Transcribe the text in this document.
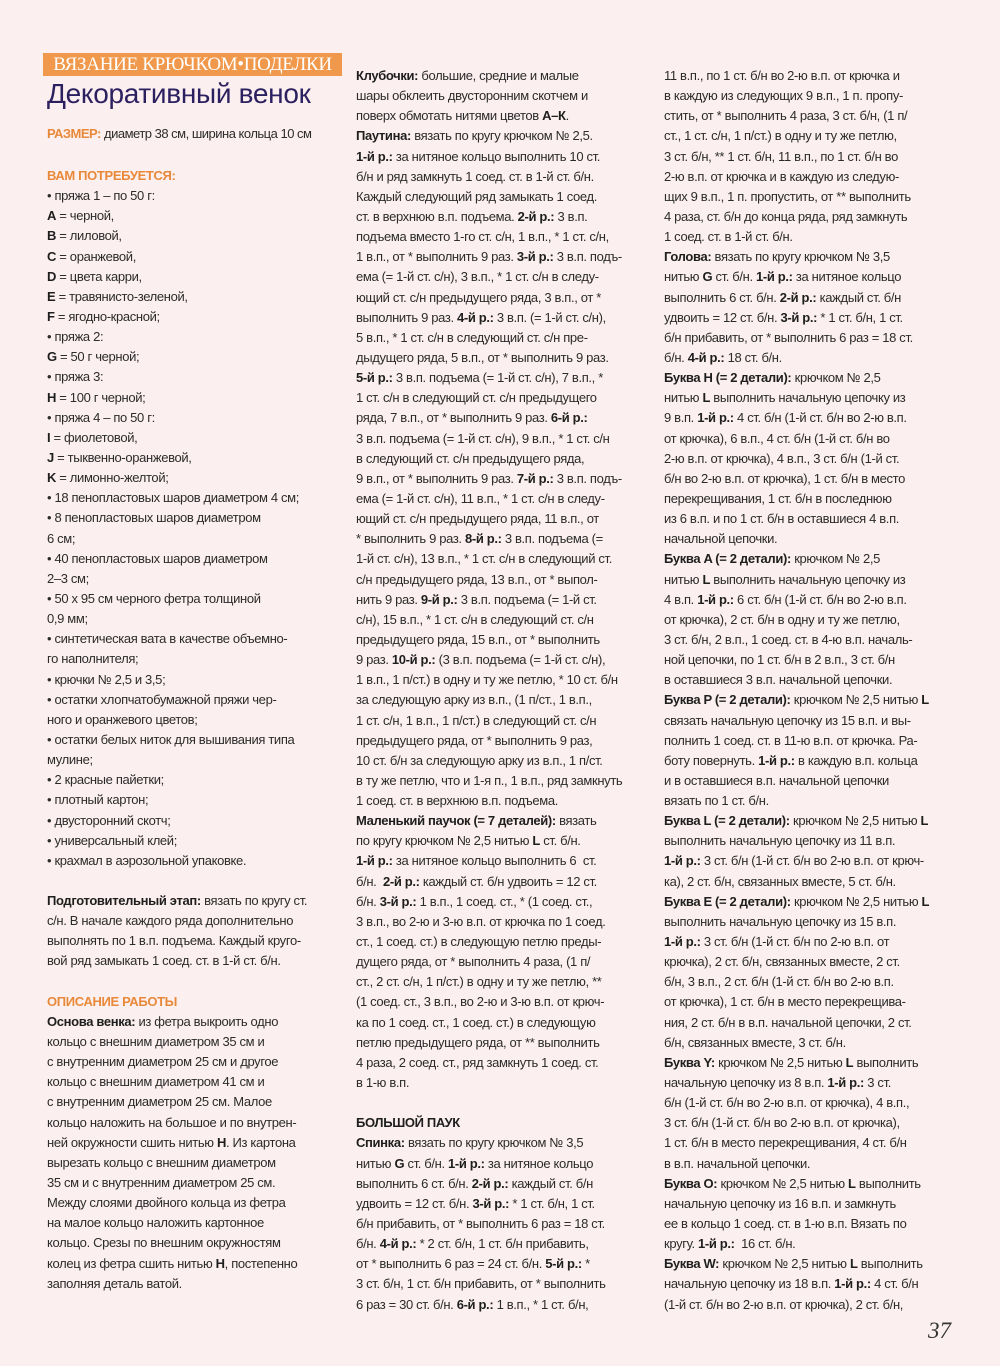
ВЯЗАНИЕ КРЮЧКОМ•ПОДЕЛКИ
Декоративный венок
РАЗМЕР: диаметр 38 см, ширина кольца 10 см
ВАМ ПОТРЕБУЕТСЯ:
• пряжа 1 – по 50 г:
A = черной,
B = лиловой,
C = оранжевой,
D = цвета карри,
E = травянисто-зеленой,
F = ягодно-красной;
• пряжа 2:
G = 50 г черной;
• пряжа 3:
H = 100 г черной;
• пряжа 4 – по 50 г:
I = фиолетовой,
J = тыквенно-оранжевой,
K = лимонно-желтой;
• 18 пенопластовых шаров диаметром 4 см;
• 8 пенопластовых шаров диаметром
6 см;
• 40 пенопластовых шаров диаметром
2–3 см;
• 50 х 95 см черного фетра толщиной
0,9 мм;
• синтетическая вата в качестве объемно-
го наполнителя;
• крючки № 2,5 и 3,5;
• остатки хлопчатобумажной пряжи чер-
ного и оранжевого цветов;
• остатки белых ниток для вышивания типа
мулине;
• 2 красные пайетки;
• плотный картон;
• двусторонний скотч;
• универсальный клей;
• крахмал в аэрозольной упаковке.
Подготовительный этап: вязать по кругу ст.
с/н. В начале каждого ряда дополнительно
выполнять по 1 в.п. подъема. Каждый круго-
вой ряд замыкать 1 соед. ст. в 1-й ст. б/н.
ОПИСАНИЕ РАБОТЫ
Основа венка: из фетра выкроить одно
кольцо с внешним диаметром 35 см и
с внутренним диаметром 25 см и другое
кольцо с внешним диаметром 41 см и
с внутренним диаметром 25 см. Малое
кольцо наложить на большое и по внутрен-
ней окружности сшить нитью H. Из картона
вырезать кольцо с внешним диаметром
35 см и с внутренним диаметром 25 см.
Между слоями двойного кольца из фетра
на малое кольцо наложить картонное
кольцо. Срезы по внешним окружностям
колец из фетра сшить нитью H, постепенно
заполняя деталь ватой.
Клубочки: большие, средние и малые
шары обклеить двусторонним скотчем и
поверх обмотать нитями цветов А–К.
Паутина: вязать по кругу крючком № 2,5.
1-й р.: за нитяное кольцо выполнить 10 ст.
б/н и ряд замкнуть 1 соед. ст. в 1-й ст. б/н.
Каждый следующий ряд замыкать 1 соед.
ст. в верхнюю в.п. подъема. 2-й р.: 3 в.п.
подъема вместо 1-го ст. с/н, 1 в.п., * 1 ст. с/н,
1 в.п., от * выполнить 9 раз. 3-й р.: 3 в.п. подъ-
ема (= 1-й ст. с/н), 3 в.п., * 1 ст. с/н в следу-
ющий ст. с/н предыдущего ряда, 3 в.п., от *
выполнить 9 раз. 4-й р.: 3 в.п. (= 1-й ст. с/н),
5 в.п., * 1 ст. с/н в следующий ст. с/н пре-
дыдущего ряда, 5 в.п., от * выполнить 9 раз.
5-й р.: 3 в.п. подъема (= 1-й ст. с/н), 7 в.п., *
1 ст. с/н в следующий ст. с/н предыдущего
ряда, 7 в.п., от * выполнить 9 раз. 6-й р.:
3 в.п. подъема (= 1-й ст. с/н), 9 в.п., * 1 ст. с/н
в следующий ст. с/н предыдущего ряда,
9 в.п., от * выполнить 9 раз. 7-й р.: 3 в.п. подъ-
ема (= 1-й ст. с/н), 11 в.п., * 1 ст. с/н в следу-
ющий ст. с/н предыдущего ряда, 11 в.п., от
* выполнить 9 раз. 8-й р.: 3 в.п. подъема (=
1-й ст. с/н), 13 в.п., * 1 ст. с/н в следующий ст.
с/н предыдущего ряда, 13 в.п., от * выпол-
нить 9 раз. 9-й р.: 3 в.п. подъема (= 1-й ст.
с/н), 15 в.п., * 1 ст. с/н в следующий ст. с/н
предыдущего ряда, 15 в.п., от * выполнить
9 раз. 10-й р.: (3 в.п. подъема (= 1-й ст. с/н),
1 в.п., 1 п/ст.) в одну и ту же петлю, * 10 ст. б/н
за следующую арку из в.п., (1 п/ст., 1 в.п.,
1 ст. с/н, 1 в.п., 1 п/ст.) в следующий ст. с/н
предыдущего ряда, от * выполнить 9 раз,
10 ст. б/н за следующую арку из в.п., 1 п/ст.
в ту же петлю, что и 1-я п., 1 в.п., ряд замкнуть
1 соед. ст. в верхнюю в.п. подъема.
Маленький паучок (= 7 деталей): вязать
по кругу крючком № 2,5 нитью L ст. б/н.
1-й р.: за нитяное кольцо выполнить 6  ст.
б/н.  2-й р.: каждый ст. б/н удвоить = 12 ст.
б/н. 3-й р.: 1 в.п., 1 соед. ст., * (1 соед. ст.,
3 в.п., во 2-ю и 3-ю в.п. от крючка по 1 соед.
ст., 1 соед. ст.) в следующую петлю преды-
дущего ряда, от * выполнить 4 раза, (1 п/
ст., 2 ст. с/н, 1 п/ст.) в одну и ту же петлю, **
(1 соед. ст., 3 в.п., во 2-ю и 3-ю в.п. от крюч-
ка по 1 соед. ст., 1 соед. ст.) в следующую
петлю предыдущего ряда, от ** выполнить
4 раза, 2 соед. ст., ряд замкнуть 1 соед. ст.
в 1-ю в.п.
БОЛЬШОЙ ПАУК
Спинка: вязать по кругу крючком № 3,5
нитью G ст. б/н. 1-й р.: за нитяное кольцо
выполнить 6 ст. б/н. 2-й р.: каждый ст. б/н
удвоить = 12 ст. б/н. 3-й р.: * 1 ст. б/н, 1 ст.
б/н прибавить, от * выполнить 6 раз = 18 ст.
б/н. 4-й р.: * 2 ст. б/н, 1 ст. б/н прибавить,
от * выполнить 6 раз = 24 ст. б/н. 5-й р.: *
3 ст. б/н, 1 ст. б/н прибавить, от * выполнить
6 раз = 30 ст. б/н. 6-й р.: 1 в.п., * 1 ст. б/н,
11 в.п., по 1 ст. б/н во 2-ю в.п. от крючка и
в каждую из следующих 9 в.п., 1 п. пропу-
стить, от * выполнить 4 раза, 3 ст. б/н, (1 п/
ст., 1 ст. с/н, 1 п/ст.) в одну и ту же петлю,
3 ст. б/н, ** 1 ст. б/н, 11 в.п., по 1 ст. б/н во
2-ю в.п. от крючка и в каждую из следую-
щих 9 в.п., 1 п. пропустить, от ** выполнить
4 раза, ст. б/н до конца ряда, ряд замкнуть
1 соед. ст. в 1-й ст. б/н.
Голова: вязать по кругу крючком № 3,5
нитью G ст. б/н. 1-й р.: за нитяное кольцо
выполнить 6 ст. б/н. 2-й р.: каждый ст. б/н
удвоить = 12 ст. б/н. 3-й р.: * 1 ст. б/н, 1 ст.
б/н прибавить, от * выполнить 6 раз = 18 ст.
б/н. 4-й р.: 18 ст. б/н.
Буква H (= 2 детали): крючком № 2,5
нитью L выполнить начальную цепочку из
9 в.п. 1-й р.: 4 ст. б/н (1-й ст. б/н во 2-ю в.п.
от крючка), 6 в.п., 4 ст. б/н (1-й ст. б/н во
2-ю в.п. от крючка), 4 в.п., 3 ст. б/н (1-й ст.
б/н во 2-ю в.п. от крючка), 1 ст. б/н в место
перекрещивания, 1 ст. б/н в последнюю
из 6 в.п. и по 1 ст. б/н в оставшиеся 4 в.п.
начальной цепочки.
Буква A (= 2 детали): крючком № 2,5
нитью L выполнить начальную цепочку из
4 в.п. 1-й р.: 6 ст. б/н (1-й ст. б/н во 2-ю в.п.
от крючка), 2 ст. б/н в одну и ту же петлю,
3 ст. б/н, 2 в.п., 1 соед. ст. в 4-ю в.п. началь-
ной цепочки, по 1 ст. б/н в 2 в.п., 3 ст. б/н
в оставшиеся 3 в.п. начальной цепочки.
Буква P (= 2 детали): крючком № 2,5 нитью L
связать начальную цепочку из 15 в.п. и вы-
полнить 1 соед. ст. в 11-ю в.п. от крючка. Ра-
боту повернуть. 1-й р.: в каждую в.п. кольца
и в оставшиеся в.п. начальной цепочки
вязать по 1 ст. б/н.
Буква L (= 2 детали): крючком № 2,5 нитью L
выполнить начальную цепочку из 11 в.п.
1-й р.: 3 ст. б/н (1-й ст. б/н во 2-ю в.п. от крюч-
ка), 2 ст. б/н, связанных вместе, 5 ст. б/н.
Буква E (= 2 детали): крючком № 2,5 нитью L
выполнить начальную цепочку из 15 в.п.
1-й р.: 3 ст. б/н (1-й ст. б/н по 2-ю в.п. от
крючка), 2 ст. б/н, связанных вместе, 2 ст.
б/н, 3 в.п., 2 ст. б/н (1-й ст. б/н во 2-ю в.п.
от крючка), 1 ст. б/н в место перекрещива-
ния, 2 ст. б/н в в.п. начальной цепочки, 2 ст.
б/н, связанных вместе, 3 ст. б/н.
Буква Y: крючком № 2,5 нитью L выполнить
начальную цепочку из 8 в.п. 1-й р.: 3 ст.
б/н (1-й ст. б/н во 2-ю в.п. от крючка), 4 в.п.,
3 ст. б/н (1-й ст. б/н во 2-ю в.п. от крючка),
1 ст. б/н в место перекрещивания, 4 ст. б/н
в в.п. начальной цепочки.
Буква O: крючком № 2,5 нитью L выполнить
начальную цепочку из 16 в.п. и замкнуть
ее в кольцо 1 соед. ст. в 1-ю в.п. Вязать по
кругу. 1-й р.:  16 ст. б/н.
Буква W: крючком № 2,5 нитью L выполнить
начальную цепочку из 18 в.п. 1-й р.: 4 ст. б/н
(1-й ст. б/н во 2-ю в.п. от крючка), 2 ст. б/н,
37
